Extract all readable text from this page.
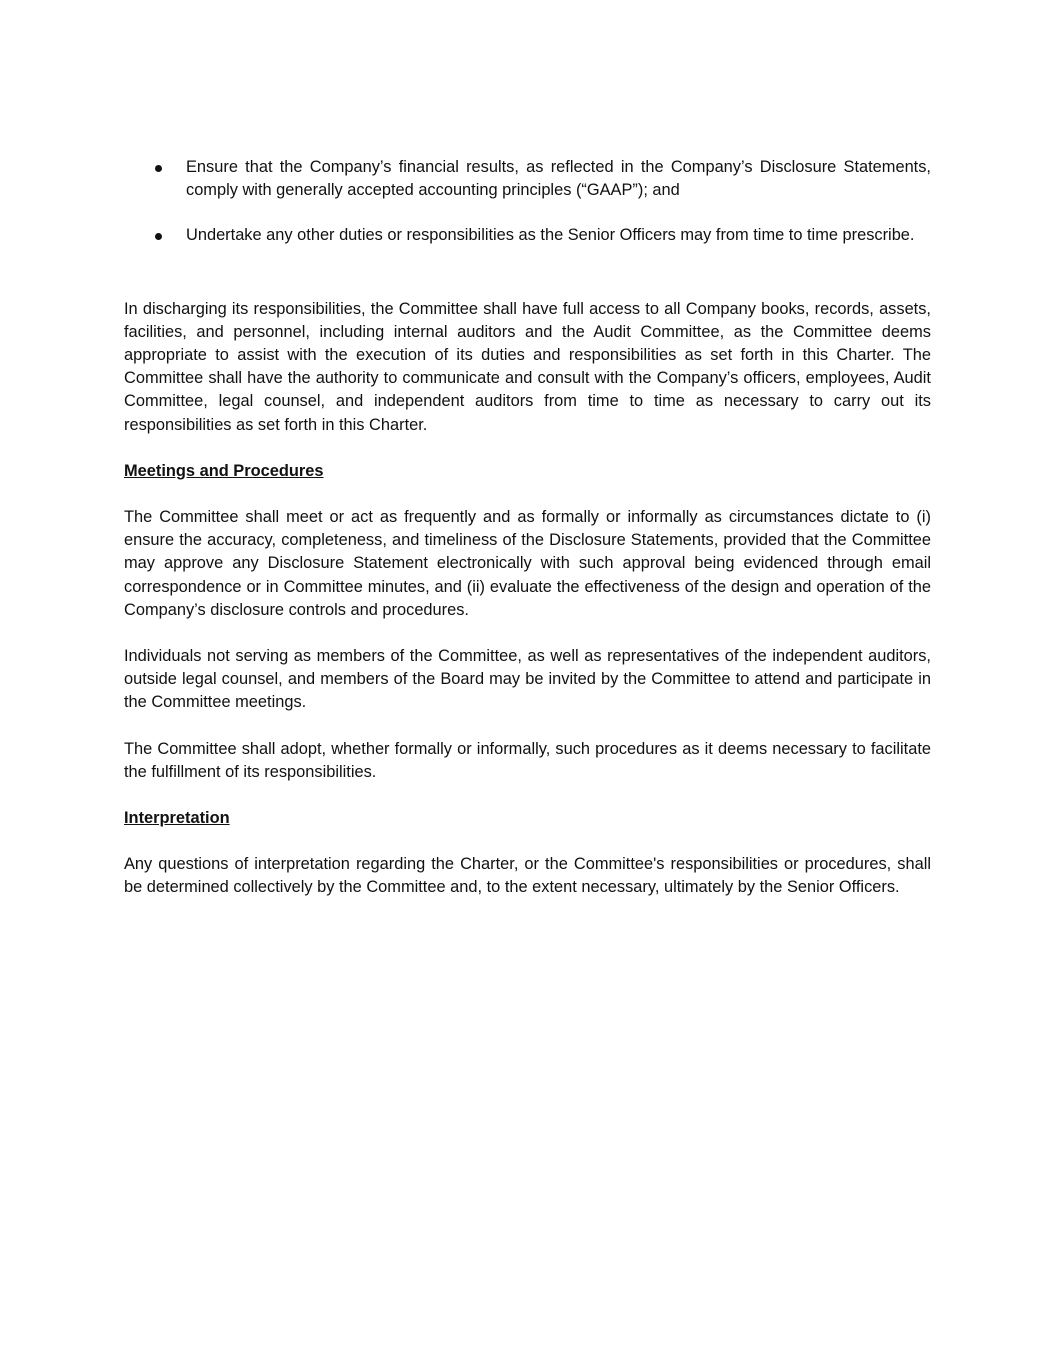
Ensure that the Company’s financial results, as reflected in the Company’s Disclosure Statements, comply with generally accepted accounting principles (“GAAP”); and
Undertake any other duties or responsibilities as the Senior Officers may from time to time prescribe.

In discharging its responsibilities, the Committee shall have full access to all Company books, records, assets, facilities, and personnel, including internal auditors and the Audit Committee, as the Committee deems appropriate to assist with the execution of its duties and responsibilities as set forth in this Charter. The Committee shall have the authority to communicate and consult with the Company’s officers, employees, Audit Committee, legal counsel, and independent auditors from time to time as necessary to carry out its responsibilities as set forth in this Charter.

Meetings and Procedures

The Committee shall meet or act as frequently and as formally or informally as circumstances dictate to (i) ensure the accuracy, completeness, and timeliness of the Disclosure Statements, provided that the Committee may approve any Disclosure Statement electronically with such approval being evidenced through email correspondence or in Committee minutes, and (ii) evaluate the effectiveness of the design and operation of the Company’s disclosure controls and procedures.

Individuals not serving as members of the Committee, as well as representatives of the independent auditors, outside legal counsel, and members of the Board may be invited by the Committee to attend and participate in the Committee meetings.

The Committee shall adopt, whether formally or informally, such procedures as it deems necessary to facilitate the fulfillment of its responsibilities.

Interpretation

Any questions of interpretation regarding the Charter, or the Committee's responsibilities or procedures, shall be determined collectively by the Committee and, to the extent necessary, ultimately by the Senior Officers.
